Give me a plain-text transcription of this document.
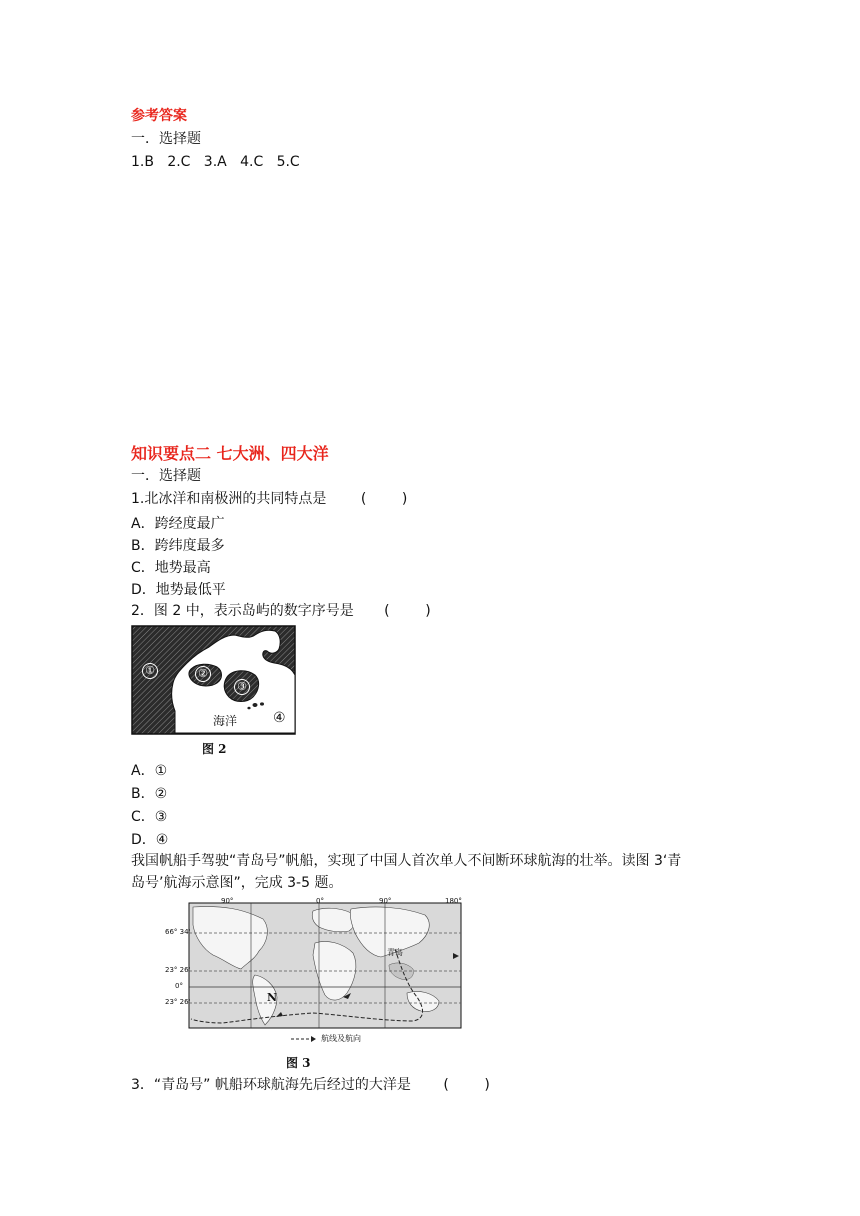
参考答案
一．选择题
1.B   2.C   3.A   4.C   5.C
知识要点二 七大洲、四大洋
一．选择题
1.北冰洋和南极洲的共同特点是 (        )
A．跨经度最广
B．跨纬度最多
C．地势最高
D．地势最低平
2．图 2 中，表示岛屿的数字序号是 (        )
①	②
③
海洋	④
图 2
A．①
B．②
C．③
D．④
我国帆船手驾驶“青岛号”帆船，实现了中国人首次单人不间断环球航海的壮举。读图 3‘青
岛号’航海示意图”，完成 3-5 题。
90°	0°	90°	180°
66° 34'
23° 26'
0°
23° 26'
青岛
N
航线及航向
图 3
3．“青岛号” 帆船环球航海先后经过的大洋是 (        )
